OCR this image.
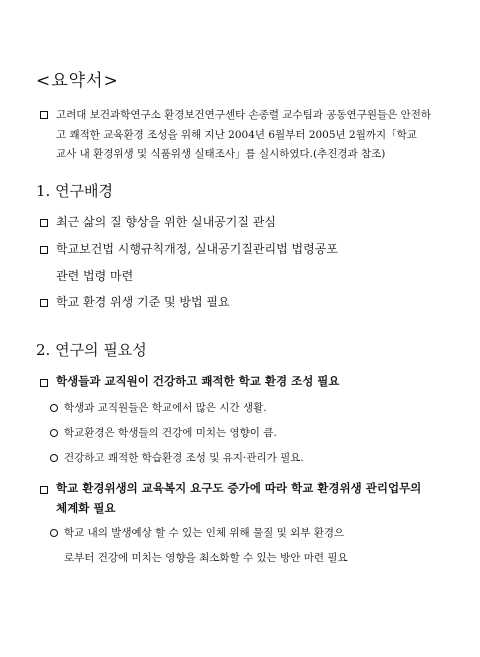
<요약서>
고려대 보건과학연구소 환경보건연구센타 손종렬 교수팀과 공동연구원들은 안전하
고 쾌적한 교육환경 조성을 위해 지난 2004년 6월부터 2005년 2월까지「학교
교사 내 환경위생 및 식품위생 실태조사」를 실시하였다.(추진경과 참조)
1. 연구배경
최근 삶의 질 향상을 위한 실내공기질 관심
학교보건법 시행규칙개정, 실내공기질관리법 법령공포
관련 법령 마련
학교 환경 위생 기준 및 방법 필요
2. 연구의 필요성
학생들과 교직원이 건강하고 쾌적한 학교 환경 조성 필요
학생과 교직원들은 학교에서 많은 시간 생활.
학교환경은 학생들의 건강에 미치는 영향이 큼.
건강하고 쾌적한 학습환경 조성 및 유지·관리가 필요.
학교 환경위생의 교육복지 요구도 증가에 따라 학교 환경위생 관리업무의
체계화 필요
학교 내의 발생예상 할 수 있는 인체 위해 물질 및 외부 환경으
로부터 건강에 미치는 영향을 최소화할 수 있는 방안 마련 필요
